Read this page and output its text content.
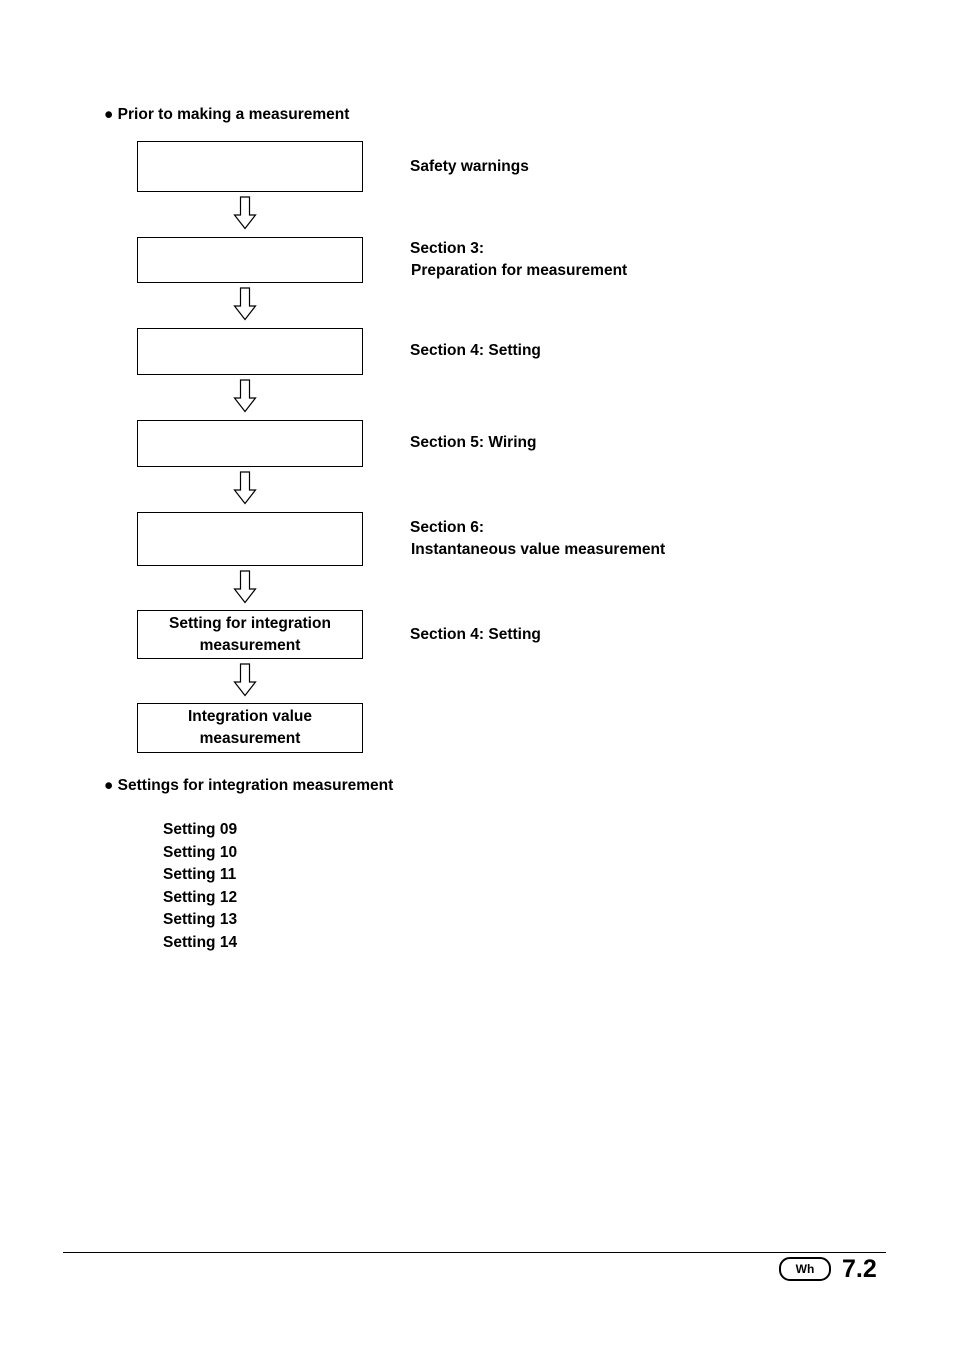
● Prior to making a measurement
Setting for integration
measurement
Integration value
measurement
Safety warnings
Section 3:
Preparation for measurement
Section 4: Setting
Section 5: Wiring
Section 6:
Instantaneous value measurement
Section 4: Setting
● Settings for integration measurement
Setting 09
Setting 10
Setting 11
Setting 12
Setting 13
Setting 14
Wh	7.2
